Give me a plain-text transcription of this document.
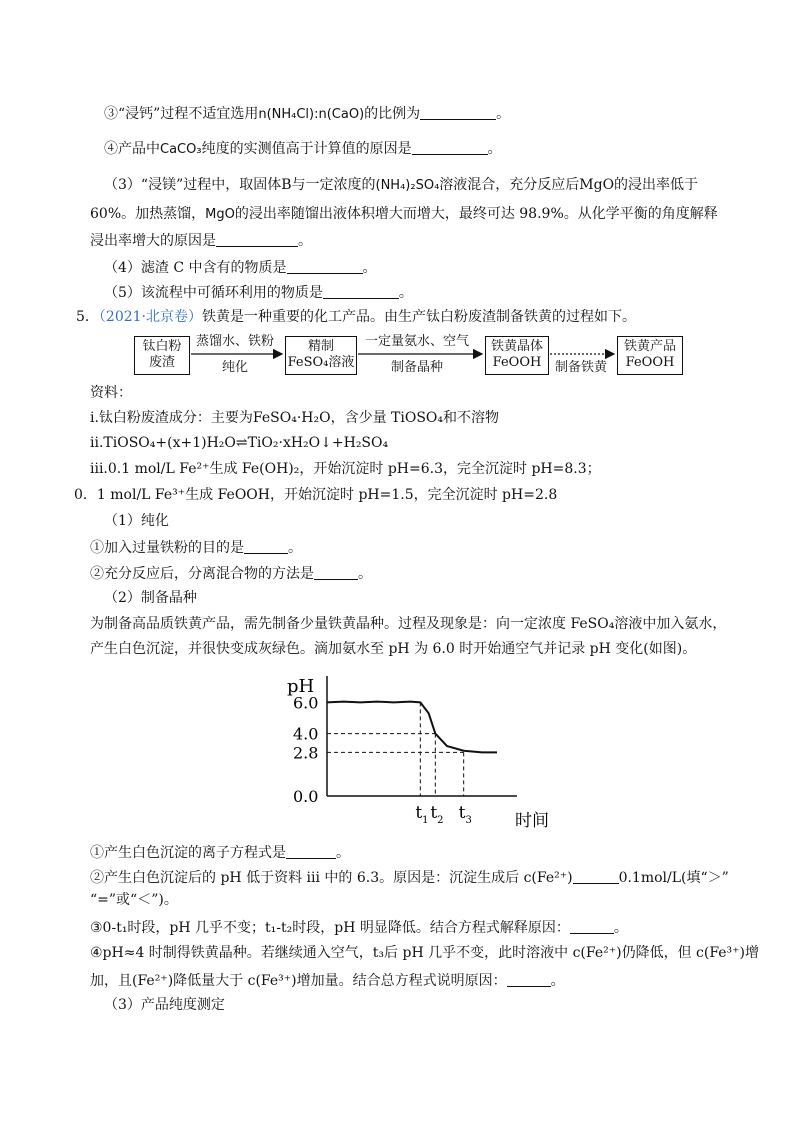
③“浸钙”过程不适宜选用n(NH₄Cl):n(CaO)的比例为	。
④产品中CaCO₃纯度的实测值高于计算值的原因是	。
（3）“浸镁”过程中，取固体B与一定浓度的(NH₄)₂SO₄溶液混合，充分反应后MgO的浸出率低于
60%。加热蒸馏，MgO的浸出率随馏出液体积增大而增大，最终可达 98.9%。从化学平衡的角度解释
浸出率增大的原因是	。
（4）滤渣 C 中含有的物质是	。
（5）该流程中可循环利用的物质是	。
5．（2021·北京卷）铁黄是一种重要的化工产品。由生产钛白粉废渣制备铁黄的过程如下。
钛白粉
废渣
蒸馏水、铁粉
纯化
精制
FeSO₄溶液
一定量氨水、空气
制备晶种
铁黄晶体
FeOOH	制备铁黄
铁黄产品
FeOOH
资料：
i.钛白粉废渣成分：主要为FeSO₄·H₂O，含少量 TiOSO₄和不溶物
ii.TiOSO₄+(x+1)H₂O⇌TiO₂·xH₂O↓+H₂SO₄
iii.0.1 mol/L Fe²⁺生成 Fe(OH)₂，开始沉淀时 pH=6.3，完全沉淀时 pH=8.3；
0．1 mol/L Fe³⁺生成 FeOOH，开始沉淀时 pH=1.5，完全沉淀时 pH=2.8
（1）纯化
①加入过量铁粉的目的是	。
②充分反应后，分离混合物的方法是	。
（2）制备晶种
为制备高品质铁黄产品，需先制备少量铁黄晶种。过程及现象是：向一定浓度 FeSO₄溶液中加入氨水，
产生白色沉淀，并很快变成灰绿色。滴加氨水至 pH 为 6.0 时开始通空气并记录 pH 变化(如图)。
pH
时间
6.0
4.0
2.8
0.0
$t_1$ $t_2$ $t_3$
①产生白色沉淀的离子方程式是	。
②产生白色沉淀后的 pH 低于资料 iii 中的 6.3。原因是：沉淀生成后 c(Fe²⁺)	0.1mol/L(填“＞”
“=”或“＜”)。
③0-t₁时段，pH 几乎不变；t₁-t₂时段，pH 明显降低。结合方程式解释原因：	。
④pH≈4 时制得铁黄晶种。若继续通入空气，t₃后 pH 几乎不变，此时溶液中 c(Fe²⁺)仍降低，但 c(Fe³⁺)增
加，且(Fe²⁺)降低量大于 c(Fe³⁺)增加量。结合总方程式说明原因：	。
（3）产品纯度测定
